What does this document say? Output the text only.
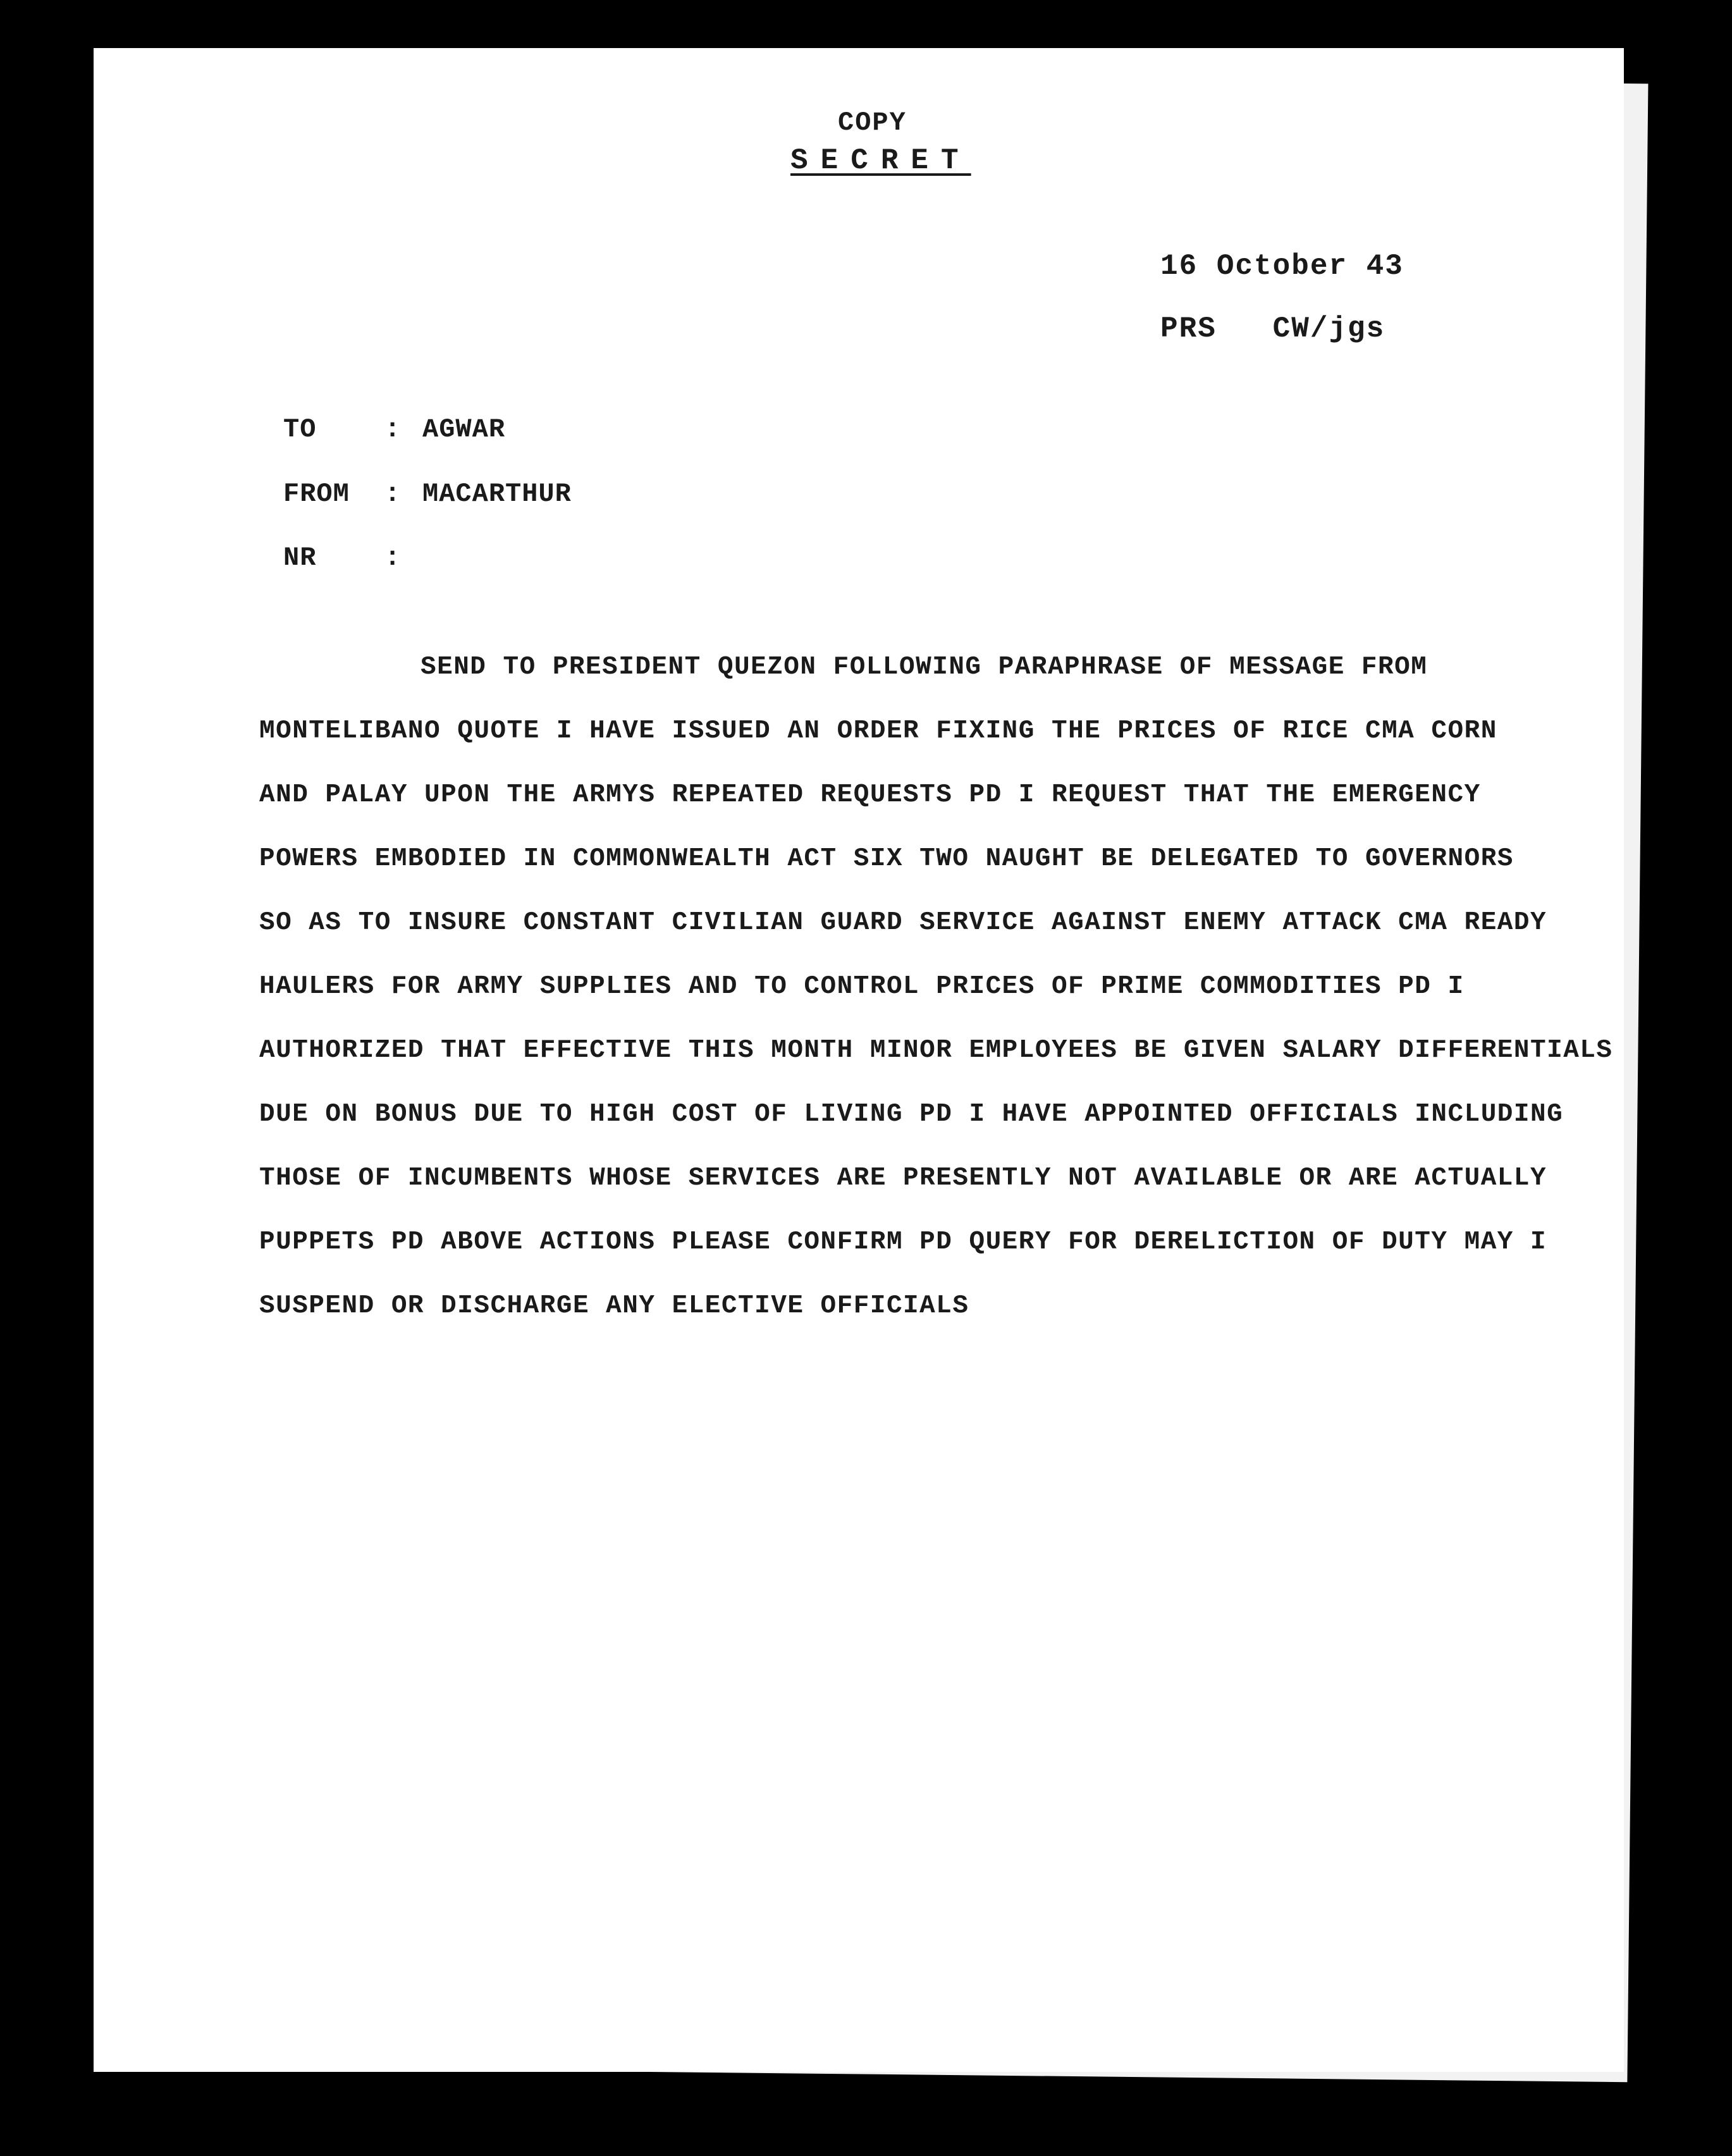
COPY
SECRET
16 October 43
PRS   CW/jgs
TO	: AGWAR
FROM	: MACARTHUR
NR	:
SEND TO PRESIDENT QUEZON FOLLOWING PARAPHRASE OF MESSAGE FROM
MONTELIBANO QUOTE I HAVE ISSUED AN ORDER FIXING THE PRICES OF RICE CMA CORN
AND PALAY UPON THE ARMYS REPEATED REQUESTS PD I REQUEST THAT THE EMERGENCY
POWERS EMBODIED IN COMMONWEALTH ACT SIX TWO NAUGHT BE DELEGATED TO GOVERNORS
SO AS TO INSURE CONSTANT CIVILIAN GUARD SERVICE AGAINST ENEMY ATTACK CMA READY
HAULERS FOR ARMY SUPPLIES AND TO CONTROL PRICES OF PRIME COMMODITIES PD I
AUTHORIZED THAT EFFECTIVE THIS MONTH MINOR EMPLOYEES BE GIVEN SALARY DIFFERENTIALS
DUE ON BONUS DUE TO HIGH COST OF LIVING PD I HAVE APPOINTED OFFICIALS INCLUDING
THOSE OF INCUMBENTS WHOSE SERVICES ARE PRESENTLY NOT AVAILABLE OR ARE ACTUALLY
PUPPETS PD ABOVE ACTIONS PLEASE CONFIRM PD QUERY FOR DERELICTION OF DUTY MAY I
SUSPEND OR DISCHARGE ANY ELECTIVE OFFICIALS
